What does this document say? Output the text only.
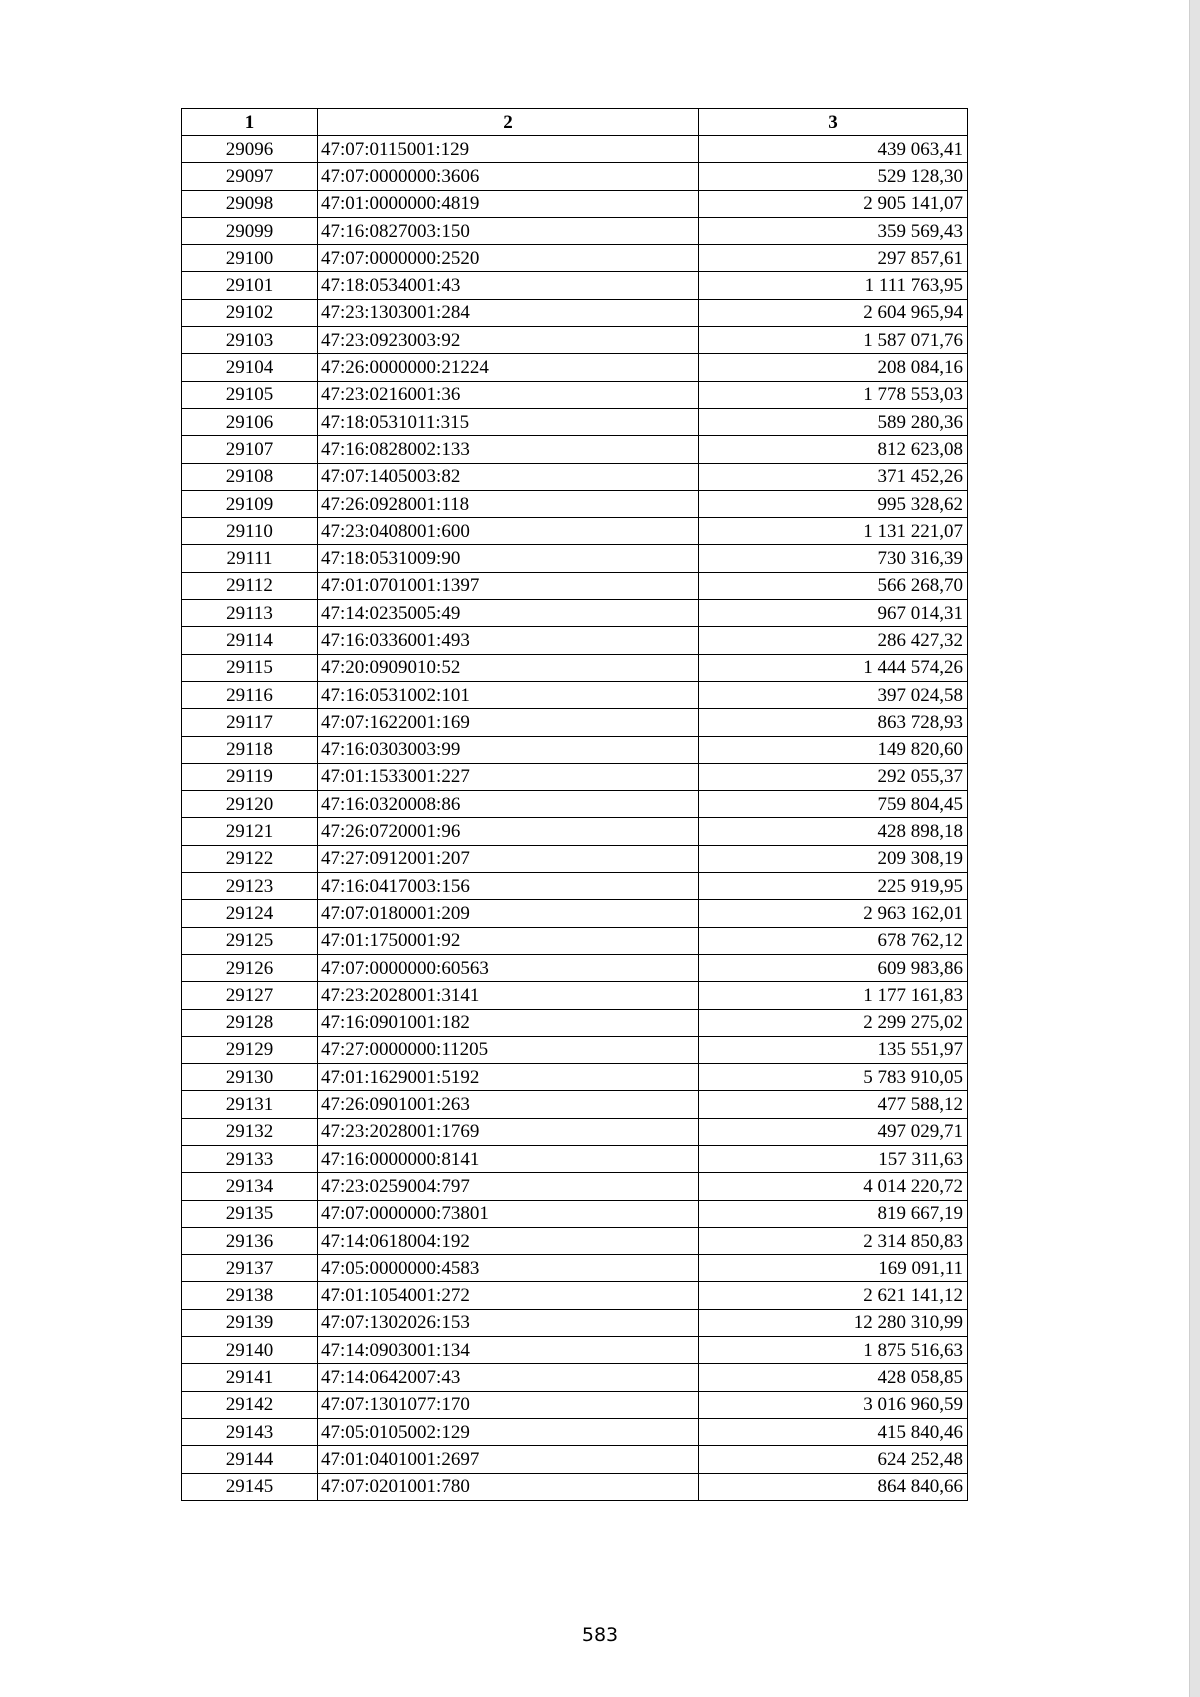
1	2	3
29096	47:07:0115001:129	439 063,41
29097	47:07:0000000:3606	529 128,30
29098	47:01:0000000:4819	2 905 141,07
29099	47:16:0827003:150	359 569,43
29100	47:07:0000000:2520	297 857,61
29101	47:18:0534001:43	1 111 763,95
29102	47:23:1303001:284	2 604 965,94
29103	47:23:0923003:92	1 587 071,76
29104	47:26:0000000:21224	208 084,16
29105	47:23:0216001:36	1 778 553,03
29106	47:18:0531011:315	589 280,36
29107	47:16:0828002:133	812 623,08
29108	47:07:1405003:82	371 452,26
29109	47:26:0928001:118	995 328,62
29110	47:23:0408001:600	1 131 221,07
29111	47:18:0531009:90	730 316,39
29112	47:01:0701001:1397	566 268,70
29113	47:14:0235005:49	967 014,31
29114	47:16:0336001:493	286 427,32
29115	47:20:0909010:52	1 444 574,26
29116	47:16:0531002:101	397 024,58
29117	47:07:1622001:169	863 728,93
29118	47:16:0303003:99	149 820,60
29119	47:01:1533001:227	292 055,37
29120	47:16:0320008:86	759 804,45
29121	47:26:0720001:96	428 898,18
29122	47:27:0912001:207	209 308,19
29123	47:16:0417003:156	225 919,95
29124	47:07:0180001:209	2 963 162,01
29125	47:01:1750001:92	678 762,12
29126	47:07:0000000:60563	609 983,86
29127	47:23:2028001:3141	1 177 161,83
29128	47:16:0901001:182	2 299 275,02
29129	47:27:0000000:11205	135 551,97
29130	47:01:1629001:5192	5 783 910,05
29131	47:26:0901001:263	477 588,12
29132	47:23:2028001:1769	497 029,71
29133	47:16:0000000:8141	157 311,63
29134	47:23:0259004:797	4 014 220,72
29135	47:07:0000000:73801	819 667,19
29136	47:14:0618004:192	2 314 850,83
29137	47:05:0000000:4583	169 091,11
29138	47:01:1054001:272	2 621 141,12
29139	47:07:1302026:153	12 280 310,99
29140	47:14:0903001:134	1 875 516,63
29141	47:14:0642007:43	428 058,85
29142	47:07:1301077:170	3 016 960,59
29143	47:05:0105002:129	415 840,46
29144	47:01:0401001:2697	624 252,48
29145	47:07:0201001:780	864 840,66
583
